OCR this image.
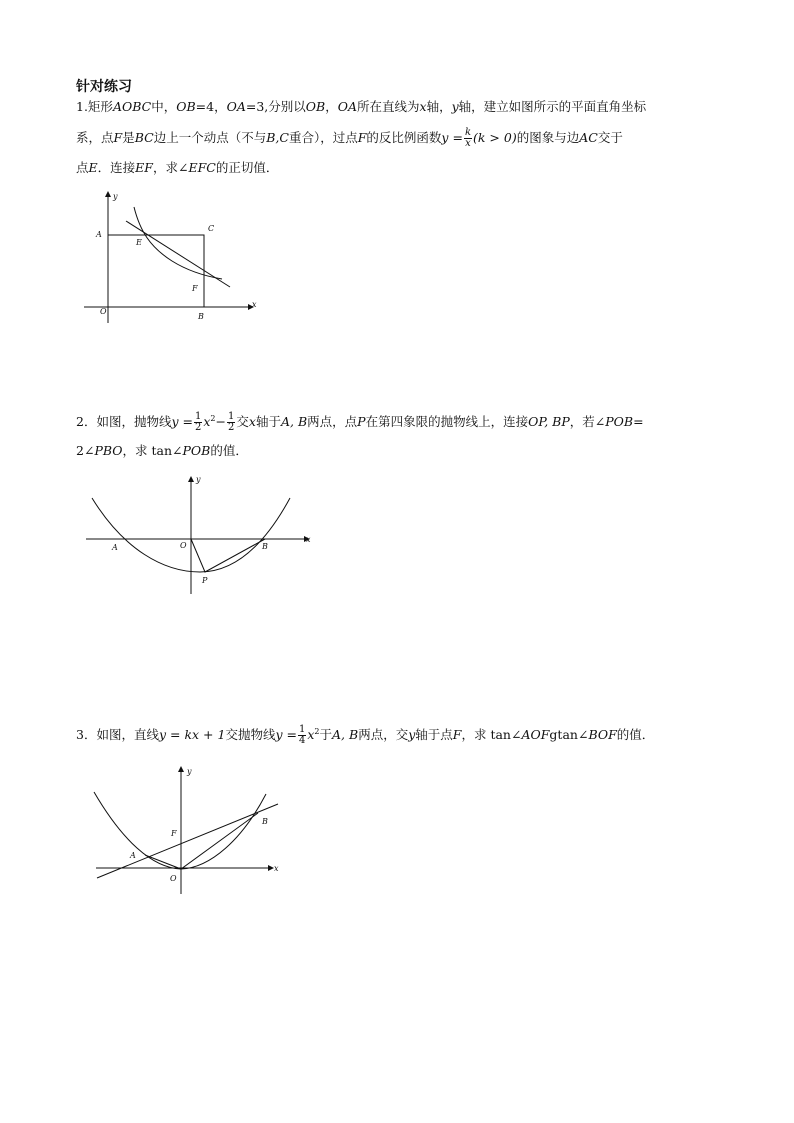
针对练习
1.矩形AOBC中，OB=4，OA=3,分别以OB，OA所在直线为x轴，y轴，建立如图所示的平面直角坐标
系，点F是BC边上一个动点（不与B,C重合），过点F的反比例函数$y = \frac{k}{x} (k > 0)$的图象与边AC交于
点E．连接EF，求∠EFC的正切值．
A
O
B
C
E
F
y
x
2．如图，抛物线$y = \frac{1}{2} x^2- \frac{1}{2}$ 交x轴于A, B两点，点P在第四象限的抛物线上，连接OP, BP，若∠POB=
2∠PBO，求 tan∠POB的值．
A	O	B
P
y
x
3．如图，直线y = kx + 1交抛物线$y = \frac{1}{4} x^2$于A, B两点，交y轴于点F，求 tan∠AOFgtan∠BOF的值．
A
O
B
F
y
x
